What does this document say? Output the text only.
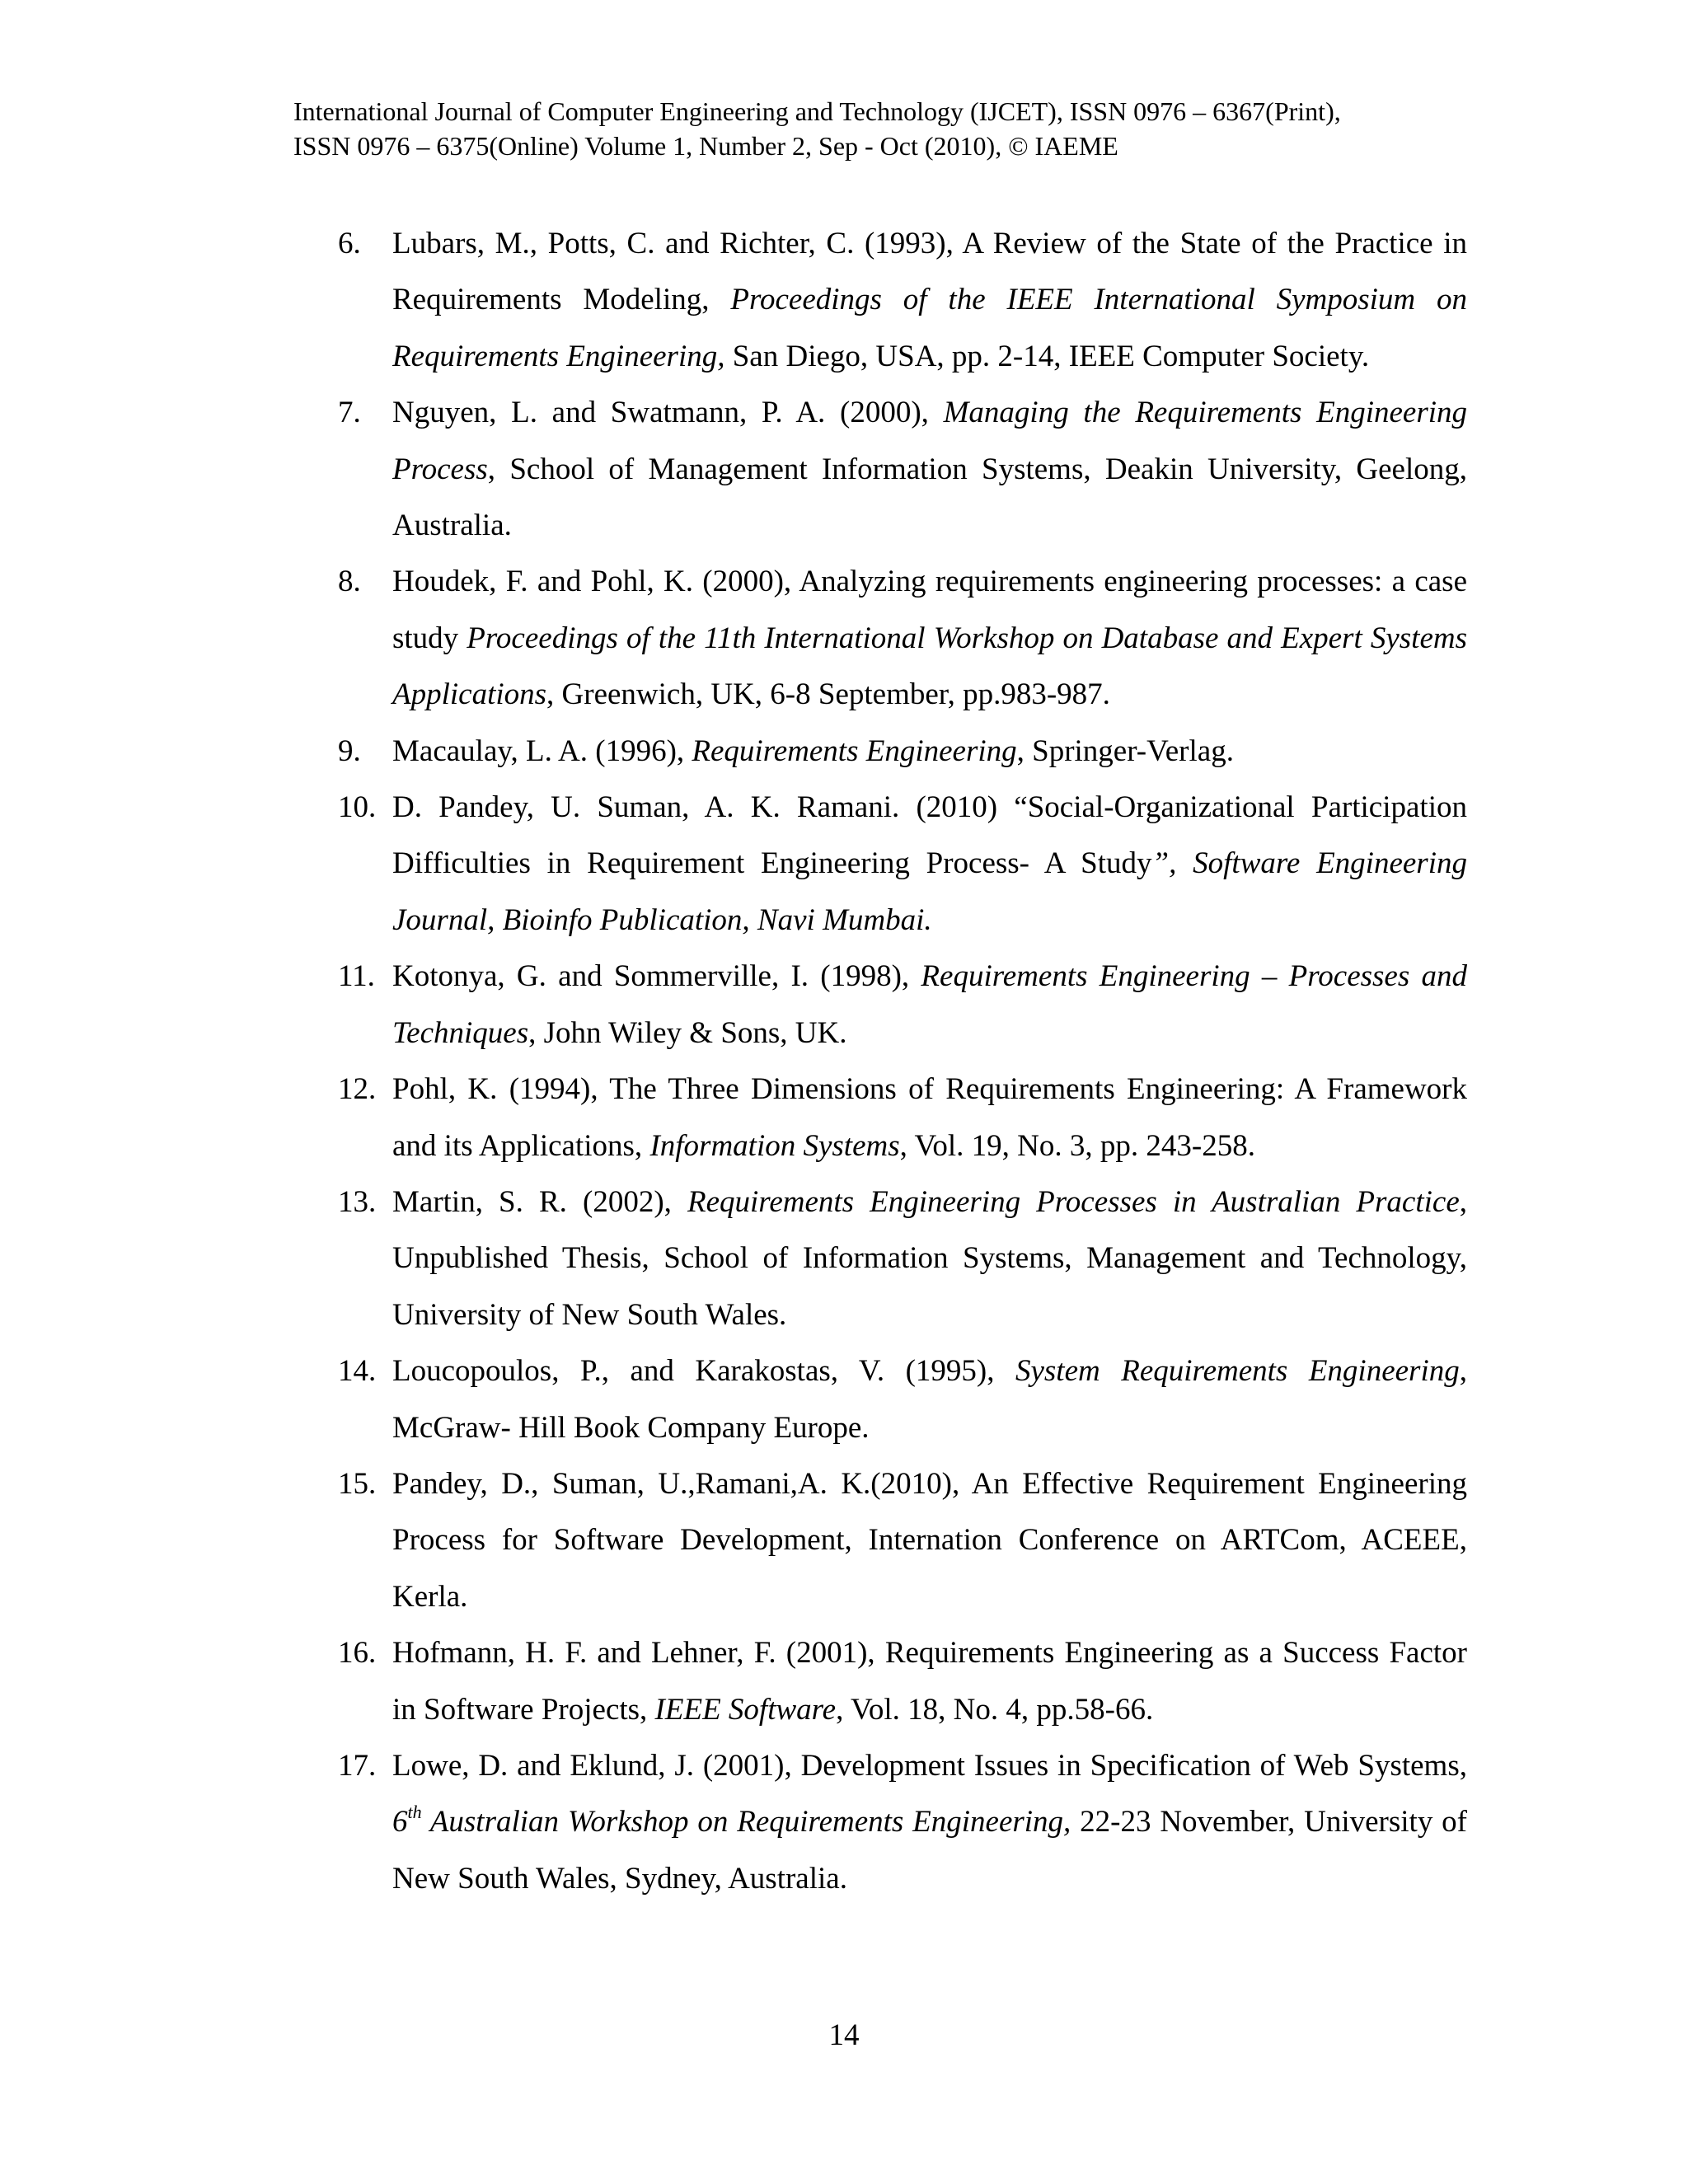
International Journal of Computer Engineering and Technology (IJCET), ISSN 0976 – 6367(Print),
ISSN 0976 – 6375(Online) Volume 1, Number 2, Sep - Oct (2010), © IAEME
6. Lubars, M., Potts, C. and Richter, C. (1993), A Review of the State of the Practice in Requirements Modeling, Proceedings of the IEEE International Symposium on Requirements Engineering, San Diego, USA, pp. 2-14, IEEE Computer Society.
7. Nguyen, L. and Swatmann, P. A. (2000), Managing the Requirements Engineering Process, School of Management Information Systems, Deakin University, Geelong, Australia.
8. Houdek, F. and Pohl, K. (2000), Analyzing requirements engineering processes: a case study Proceedings of the 11th International Workshop on Database and Expert Systems Applications, Greenwich, UK, 6-8 September, pp.983-987.
9. Macaulay, L. A. (1996), Requirements Engineering, Springer-Verlag.
10. D. Pandey, U. Suman, A. K. Ramani. (2010) “Social-Organizational Participation Difficulties in Requirement Engineering Process- A Study”, Software Engineering Journal, Bioinfo Publication, Navi Mumbai.
11. Kotonya, G. and Sommerville, I. (1998), Requirements Engineering – Processes and Techniques, John Wiley & Sons, UK.
12. Pohl, K. (1994), The Three Dimensions of Requirements Engineering: A Framework and its Applications, Information Systems, Vol. 19, No. 3, pp. 243-258.
13. Martin, S. R. (2002), Requirements Engineering Processes in Australian Practice, Unpublished Thesis, School of Information Systems, Management and Technology, University of New South Wales.
14. Loucopoulos, P., and Karakostas, V. (1995), System Requirements Engineering, McGraw- Hill Book Company Europe.
15. Pandey, D., Suman, U.,Ramani,A. K.(2010), An Effective Requirement Engineering Process for Software Development, Internation Conference on ARTCom, ACEEE, Kerla.
16. Hofmann, H. F. and Lehner, F. (2001), Requirements Engineering as a Success Factor in Software Projects, IEEE Software, Vol. 18, No. 4, pp.58-66.
17. Lowe, D. and Eklund, J. (2001), Development Issues in Specification of Web Systems, 6th Australian Workshop on Requirements Engineering, 22-23 November, University of New South Wales, Sydney, Australia.
14
